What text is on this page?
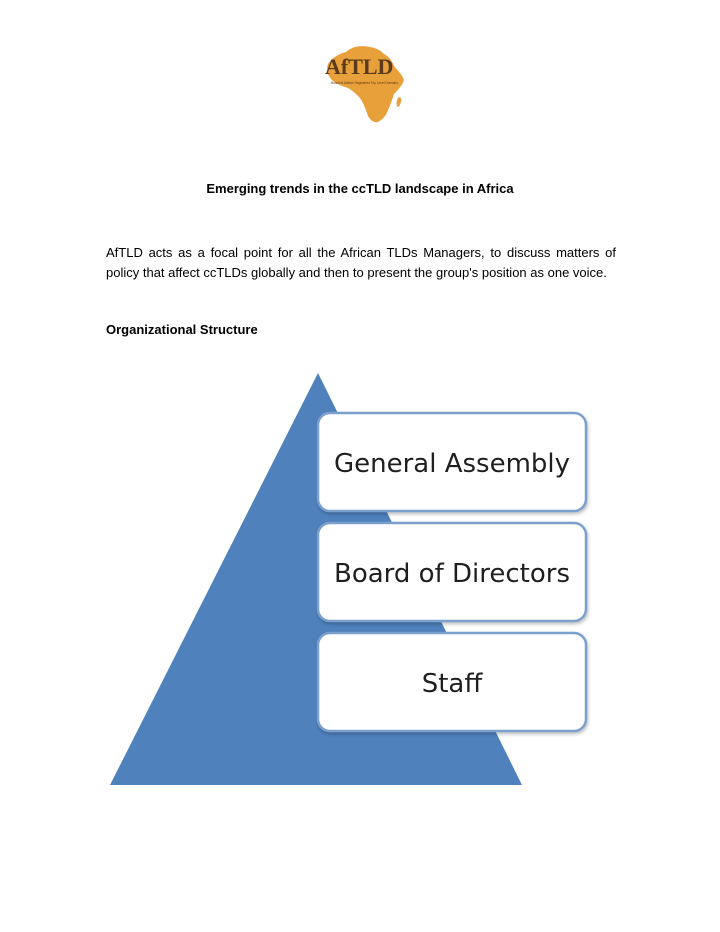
AfTLD
Board of African Registered Top Level Domains
Emerging trends in the ccTLD landscape in Africa

AfTLD acts as a focal point for all the African TLDs Managers, to discuss matters of policy that affect ccTLDs globally and then to present the group's position as one voice.

Organizational Structure
General Assembly
Board of Directors
Staff
